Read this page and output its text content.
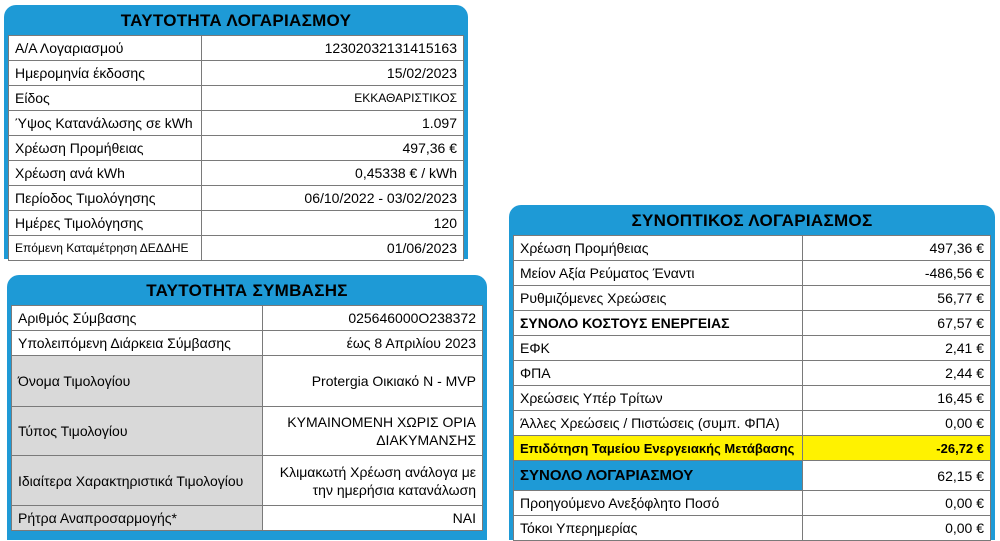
ΤΑΥΤΟΤΗΤΑ ΛΟΓΑΡΙΑΣΜΟΥ
Α/Α Λογαριασμού	12302032131415163
Ημερομηνία έκδοσης	15/02/2023
Είδος	ΕΚΚΑΘΑΡΙΣΤΙΚΟΣ
Ύψος Κατανάλωσης σε kWh	1.097
Χρέωση Προμήθειας	497,36 €
Χρέωση ανά kWh	0,45338 € / kWh
Περίοδος Τιμολόγησης	06/10/2022 - 03/02/2023
Ημέρες Τιμολόγησης	120
Επόμενη Καταμέτρηση ΔΕΔΔΗΕ	01/06/2023
ΤΑΥΤΟΤΗΤΑ ΣΥΜΒΑΣΗΣ
Αριθμός Σύμβασης	025646000O238372
Υπολειπόμενη Διάρκεια Σύμβασης	έως 8 Απριλίου 2023
Όνομα Τιμολογίου	Protergia Οικιακό Ν - MVP
Τύπος Τιμολογίου	ΚΥΜΑΙΝΟΜΕΝΗ ΧΩΡΙΣ ΟΡΙΑ ΔΙΑΚΥΜΑΝΣΗΣ
Ιδιαίτερα Χαρακτηριστικά Τιμολογίου	Κλιμακωτή Χρέωση ανάλογα με την ημερήσια κατανάλωση
Ρήτρα Αναπροσαρμογής*	ΝΑΙ
ΣΥΝΟΠΤΙΚΟΣ ΛΟΓΑΡΙΑΣΜΟΣ
Χρέωση Προμήθειας	497,36 €
Μείον Αξία Ρεύματος Έναντι	-486,56 €
Ρυθμιζόμενες Χρεώσεις	56,77 €
ΣΥΝΟΛΟ ΚΟΣΤΟΥΣ ΕΝΕΡΓΕΙΑΣ	67,57 €
ΕΦΚ	2,41 €
ΦΠΑ	2,44 €
Χρεώσεις Υπέρ Τρίτων	16,45 €
Άλλες Χρεώσεις / Πιστώσεις (συμπ. ΦΠΑ)	0,00 €
Επιδότηση Ταμείου Ενεργειακής Μετάβασης	-26,72 €
ΣΥΝΟΛΟ ΛΟΓΑΡΙΑΣΜΟΥ	62,15 €
Προηγούμενο Ανεξόφλητο Ποσό	0,00 €
Τόκοι Υπερημερίας	0,00 €
